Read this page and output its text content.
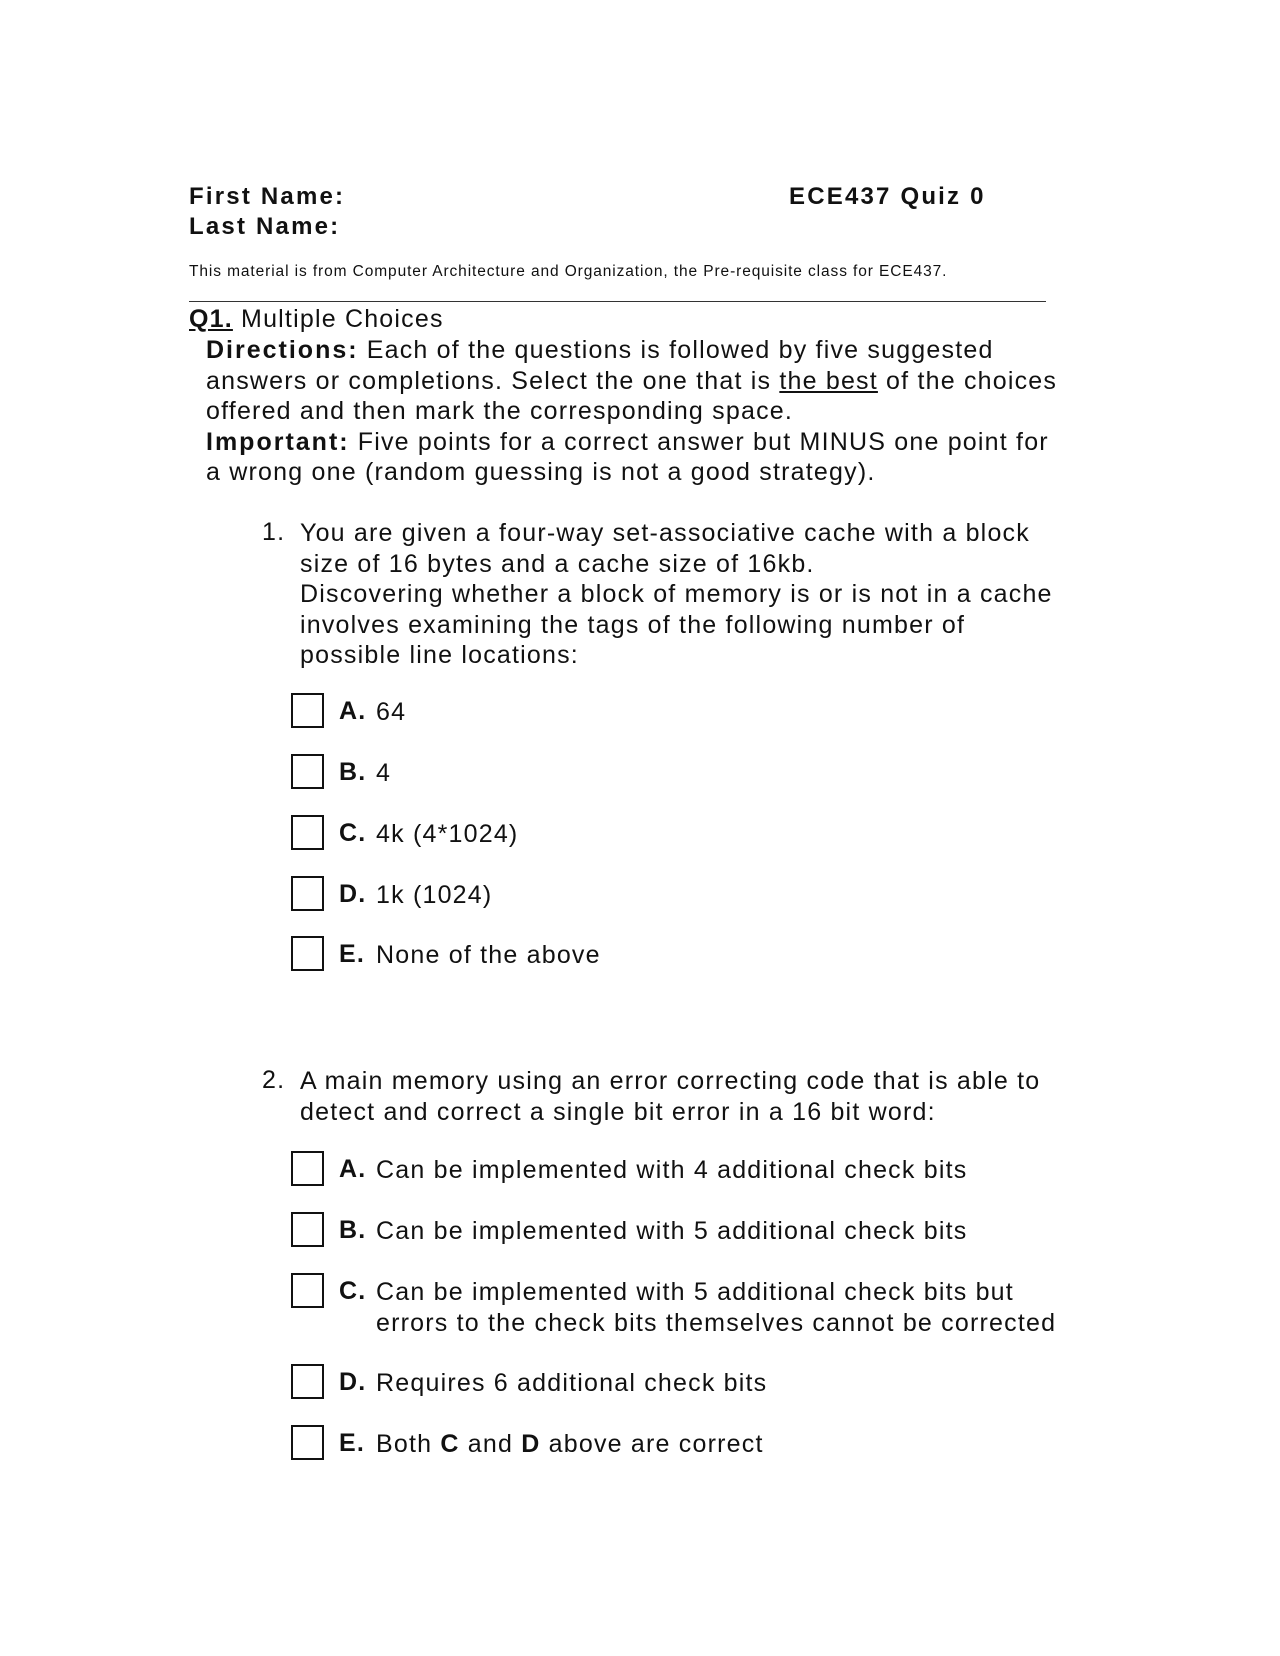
First Name:	ECE437 Quiz 0
Last Name:
This material is from Computer Architecture and Organization, the Pre-requisite class for ECE437.
Q1. Multiple Choices
Directions: Each of the questions is followed by five suggested
answers or completions. Select the one that is the best of the choices
offered and then mark the corresponding space.
Important: Five points for a correct answer but MINUS one point for
a wrong one (random guessing is not a good strategy).
1. You are given a four-way set-associative cache with a block
size of 16 bytes and a cache size of 16kb.
Discovering whether a block of memory is or is not in a cache
involves examining the tags of the following number of
possible line locations:
A. 64
B. 4
C. 4k (4*1024)
D. 1k (1024)
E. None of the above
2. A main memory using an error correcting code that is able to
detect and correct a single bit error in a 16 bit word:
A. Can be implemented with 4 additional check bits
B. Can be implemented with 5 additional check bits
C. Can be implemented with 5 additional check bits but
errors to the check bits themselves cannot be corrected
D. Requires 6 additional check bits
E. Both C and D above are correct
